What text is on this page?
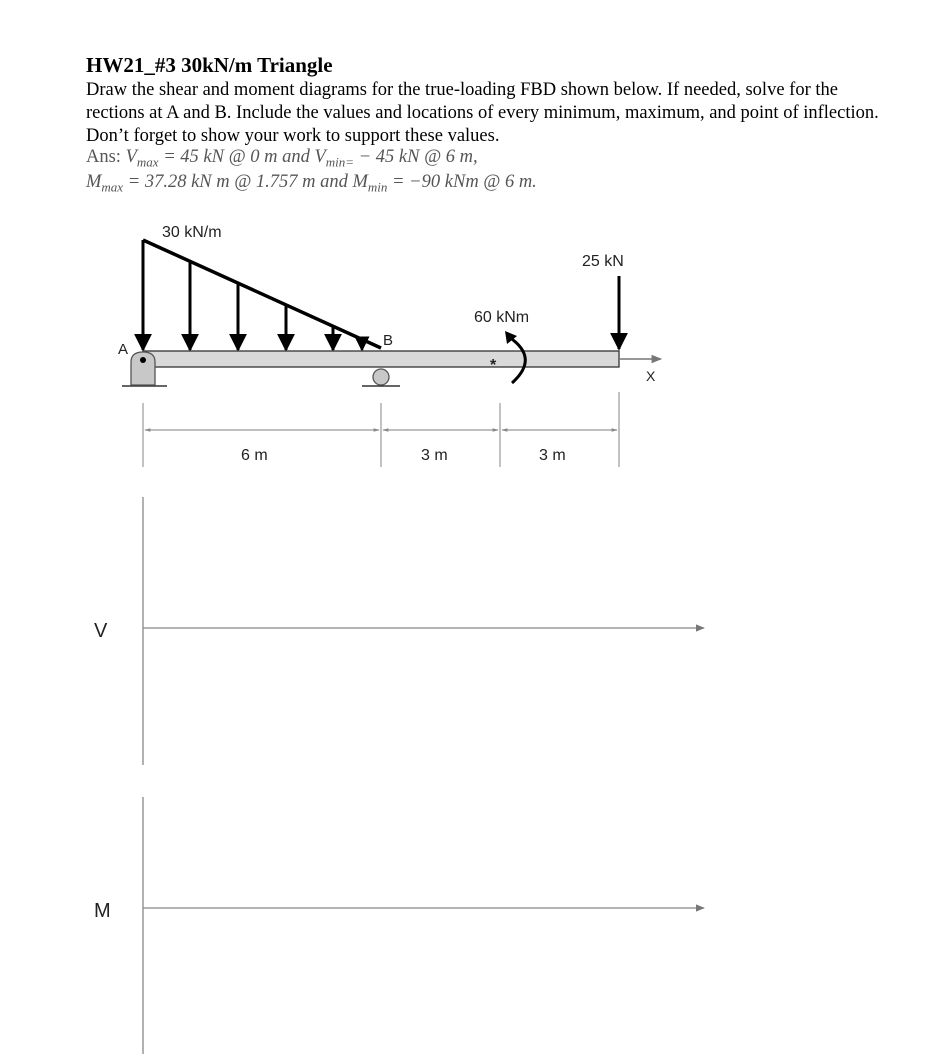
HW21_#3 30kN/m Triangle
Draw the shear and moment diagrams for the true-loading FBD shown below. If needed, solve for the rections at A and B. Include the values and locations of every minimum, maximum, and point of inflection. Don’t forget to show your work to support these values.
Ans: $V_{max} = 45$ kN @ 0 m and $V_{min=} - 45$ kN @ 6 m,
$M_{max} = 37.28$ kN m @ 1.757 m and $M_{min} = -90$ kNm @ 6 m.
30 kN/m
A
B
60 kNm
*
25 kN
X
6 m	3 m	3 m
V
M
